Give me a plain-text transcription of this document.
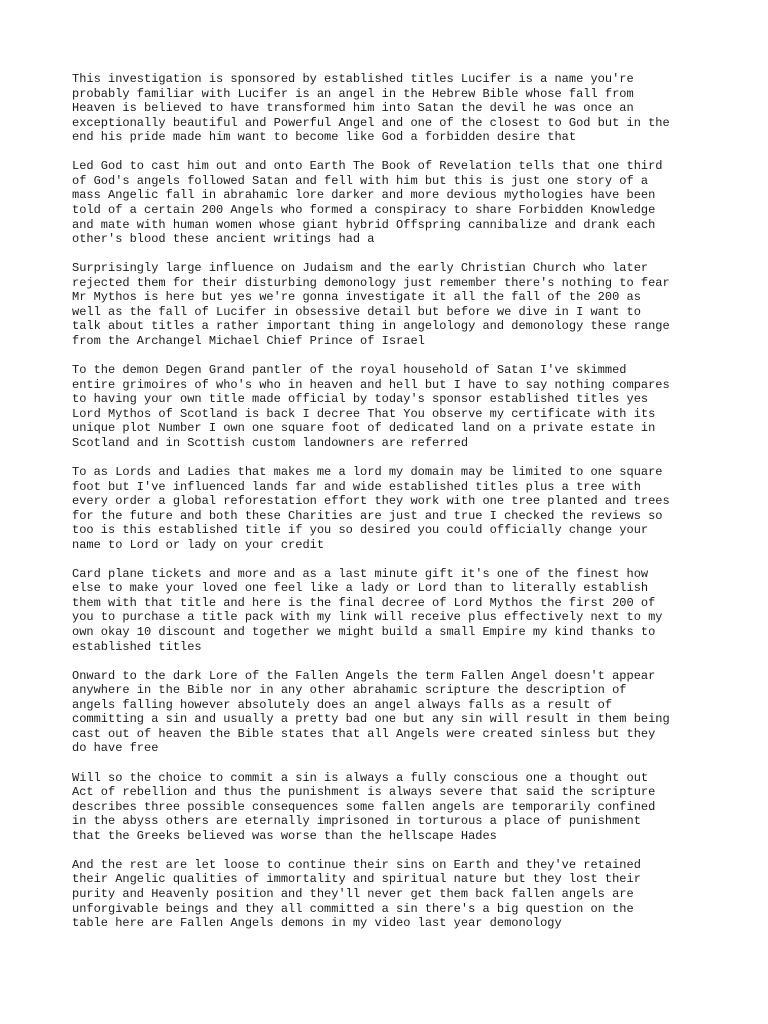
This investigation is sponsored by established titles Lucifer is a name you're
probably familiar with Lucifer is an angel in the Hebrew Bible whose fall from
Heaven is believed to have transformed him into Satan the devil he was once an
exceptionally beautiful and Powerful Angel and one of the closest to God but in the
end his pride made him want to become like God a forbidden desire that

Led God to cast him out and onto Earth The Book of Revelation tells that one third
of God's angels followed Satan and fell with him but this is just one story of a
mass Angelic fall in abrahamic lore darker and more devious mythologies have been
told of a certain 200 Angels who formed a conspiracy to share Forbidden Knowledge
and mate with human women whose giant hybrid Offspring cannibalize and drank each
other's blood these ancient writings had a

Surprisingly large influence on Judaism and the early Christian Church who later
rejected them for their disturbing demonology just remember there's nothing to fear
Mr Mythos is here but yes we're gonna investigate it all the fall of the 200 as
well as the fall of Lucifer in obsessive detail but before we dive in I want to
talk about titles a rather important thing in angelology and demonology these range
from the Archangel Michael Chief Prince of Israel

To the demon Degen Grand pantler of the royal household of Satan I've skimmed
entire grimoires of who's who in heaven and hell but I have to say nothing compares
to having your own title made official by today's sponsor established titles yes
Lord Mythos of Scotland is back I decree That You observe my certificate with its
unique plot Number I own one square foot of dedicated land on a private estate in
Scotland and in Scottish custom landowners are referred

To as Lords and Ladies that makes me a lord my domain may be limited to one square
foot but I've influenced lands far and wide established titles plus a tree with
every order a global reforestation effort they work with one tree planted and trees
for the future and both these Charities are just and true I checked the reviews so
too is this established title if you so desired you could officially change your
name to Lord or lady on your credit

Card plane tickets and more and as a last minute gift it's one of the finest how
else to make your loved one feel like a lady or Lord than to literally establish
them with that title and here is the final decree of Lord Mythos the first 200 of
you to purchase a title pack with my link will receive plus effectively next to my
own okay 10 discount and together we might build a small Empire my kind thanks to
established titles

Onward to the dark Lore of the Fallen Angels the term Fallen Angel doesn't appear
anywhere in the Bible nor in any other abrahamic scripture the description of
angels falling however absolutely does an angel always falls as a result of
committing a sin and usually a pretty bad one but any sin will result in them being
cast out of heaven the Bible states that all Angels were created sinless but they
do have free

Will so the choice to commit a sin is always a fully conscious one a thought out
Act of rebellion and thus the punishment is always severe that said the scripture
describes three possible consequences some fallen angels are temporarily confined
in the abyss others are eternally imprisoned in torturous a place of punishment
that the Greeks believed was worse than the hellscape Hades

And the rest are let loose to continue their sins on Earth and they've retained
their Angelic qualities of immortality and spiritual nature but they lost their
purity and Heavenly position and they'll never get them back fallen angels are
unforgivable beings and they all committed a sin there's a big question on the
table here are Fallen Angels demons in my video last year demonology
